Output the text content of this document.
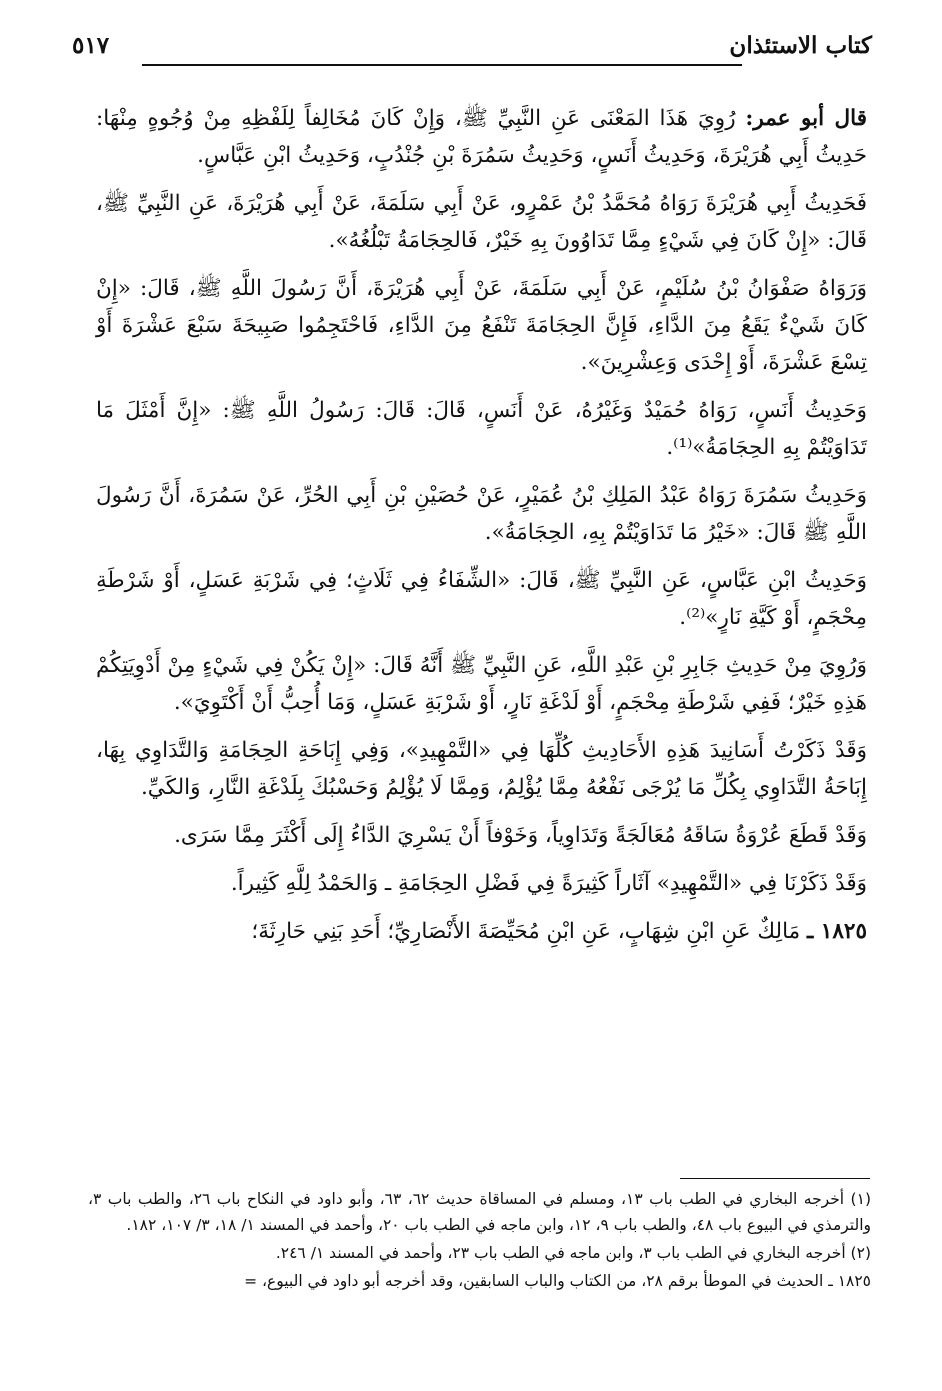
كتاب الاستئذان
٥١٧

قال أبو عمر: رُوِيَ هَذَا المَعْنَى عَنِ النَّبِيِّ ﷺ، وَإِنْ كَانَ مُخَالِفاً لِلَفْظِهِ مِنْ وُجُوهٍ مِنْهَا: حَدِيثُ أَبِي هُرَيْرَةَ، وَحَدِيثُ أَنَسٍ، وَحَدِيثُ سَمُرَةَ بْنِ جُنْدُبٍ، وَحَدِيثُ ابْنِ عَبَّاسٍ.

فَحَدِيثُ أَبِي هُرَيْرَةَ رَوَاهُ مُحَمَّدُ بْنُ عَمْرٍو، عَنْ أَبِي سَلَمَةَ، عَنْ أَبِي هُرَيْرَةَ، عَنِ النَّبِيِّ ﷺ، قَالَ: «إِنْ كَانَ فِي شَيْءٍ مِمَّا تَدَاوُونَ بِهِ خَيْرٌ، فَالحِجَامَةُ تَبْلُغُهُ».

وَرَوَاهُ صَفْوَانُ بْنُ سُلَيْمٍ، عَنْ أَبِي سَلَمَةَ، عَنْ أَبِي هُرَيْرَةَ، أَنَّ رَسُولَ اللَّهِ ﷺ، قَالَ: «إِنْ كَانَ شَيْءٌ يَقَعُ مِنَ الدَّاءِ، فَإِنَّ الحِجَامَةَ تَنْفَعُ مِنَ الدَّاءِ، فَاحْتَجِمُوا صَبِيحَةَ سَبْعَ عَشْرَةَ أَوْ تِسْعَ عَشْرَةَ، أَوْ إِحْدَى وَعِشْرِينَ».

وَحَدِيثُ أَنَسٍ، رَوَاهُ حُمَيْدٌ وَغَيْرُهُ، عَنْ أَنَسٍ، قَالَ: قَالَ: رَسُولُ اللَّهِ ﷺ: «إِنَّ أَمْثَلَ مَا تَدَاوَيْتُمْ بِهِ الحِجَامَةُ»⁽¹⁾.

وَحَدِيثُ سَمُرَةَ رَوَاهُ عَبْدُ المَلِكِ بْنُ عُمَيْرٍ، عَنْ حُصَيْنِ بْنِ أَبِي الحُرِّ، عَنْ سَمُرَةَ، أَنَّ رَسُولَ اللَّهِ ﷺ قَالَ: «خَيْرُ مَا تَدَاوَيْتُمْ بِهِ، الحِجَامَةُ».

وَحَدِيثُ ابْنِ عَبَّاسٍ، عَنِ النَّبِيِّ ﷺ، قَالَ: «الشِّفَاءُ فِي ثَلَاثٍ؛ فِي شَرْبَةِ عَسَلٍ، أَوْ شَرْطَةِ مِحْجَمٍ، أَوْ كَيَّةِ نَارٍ»⁽²⁾.

وَرُوِيَ مِنْ حَدِيثِ جَابِرِ بْنِ عَبْدِ اللَّهِ، عَنِ النَّبِيِّ ﷺ أَنَّهُ قَالَ: «إِنْ يَكُنْ فِي شَيْءٍ مِنْ أَدْوِيَتِكُمْ هَذِهِ خَيْرٌ؛ فَفِي شَرْطَةِ مِحْجَمٍ، أَوْ لَدْغَةِ نَارٍ، أَوْ شَرْبَةِ عَسَلٍ، وَمَا أُحِبُّ أَنْ أَكْتَوِيَ».

وَقَدْ ذَكَرْتُ أَسَانِيدَ هَذِهِ الأَحَادِيثِ كُلِّهَا فِي «التَّمْهِيدِ»، وَفِي إِبَاحَةِ الحِجَامَةِ وَالتَّدَاوِي بِهَا، إِبَاحَةُ التَّدَاوِي بِكُلِّ مَا يُرْجَى نَفْعُهُ مِمَّا يُؤْلِمُ، وَمِمَّا لَا يُؤْلِمُ وَحَسْبُكَ بِلَدْغَةِ النَّارِ، وَالكَيِّ.

وَقَدْ قَطَعَ عُرْوَةُ سَاقَهُ مُعَالَجَةً وَتَدَاوِياً، وَخَوْفاً أَنْ يَسْرِيَ الدَّاءُ إِلَى أَكْثَرَ مِمَّا سَرَى.

وَقَدْ ذَكَرْنَا فِي «التَّمْهِيدِ» آثَاراً كَثِيرَةً فِي فَضْلِ الحِجَامَةِ ـ وَالحَمْدُ لِلَّهِ كَثِيراً.

١٨٢٥ ـ مَالِكٌ عَنِ ابْنِ شِهَابٍ، عَنِ ابْنِ مُحَيِّصَةَ الأَنْصَارِيِّ؛ أَحَدِ بَنِي حَارِثَةَ؛

(١) أخرجه البخاري في الطب باب ١٣، ومسلم في المساقاة حديث ٦٢، ٦٣، وأبو داود في النكاح باب ٢٦، والطب باب ٣، والترمذي في البيوع باب ٤٨، والطب باب ٩، ١٢، وابن ماجه في الطب باب ٢٠، وأحمد في المسند ١/ ١٨، ٣/ ١٠٧، ١٨٢.

(٢) أخرجه البخاري في الطب باب ٣، وابن ماجه في الطب باب ٢٣، وأحمد في المسند ١/ ٢٤٦.

١٨٢٥ ـ الحديث في الموطأ برقم ٢٨، من الكتاب والباب السابقين، وقد أخرجه أبو داود في البيوع، =
